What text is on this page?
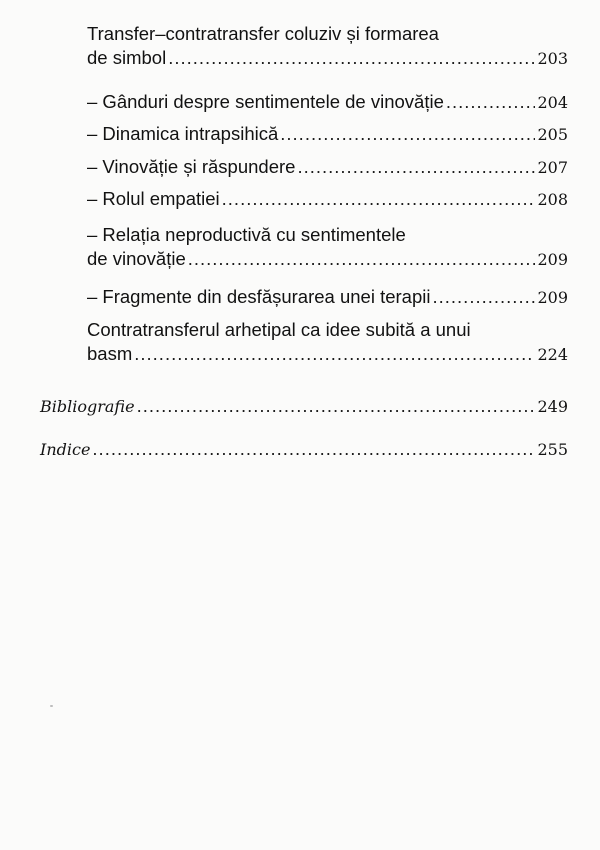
Transfer–contratransfer coluziv și formarea
de simbol .....	203
– Gânduri despre sentimentele de vinovăție .....	204
– Dinamica intrapsihică .....	205
– Vinovăție și răspundere .....	207
– Rolul empatiei .....	208
– Relația neproductivă cu sentimentele
de vinovăție .....	209
– Fragmente din desfășurarea unei terapii .....	209
Contratransferul arhetipal ca idee subită a unui
basm .....	224
Bibliografie .....	249
Indice .....	255
